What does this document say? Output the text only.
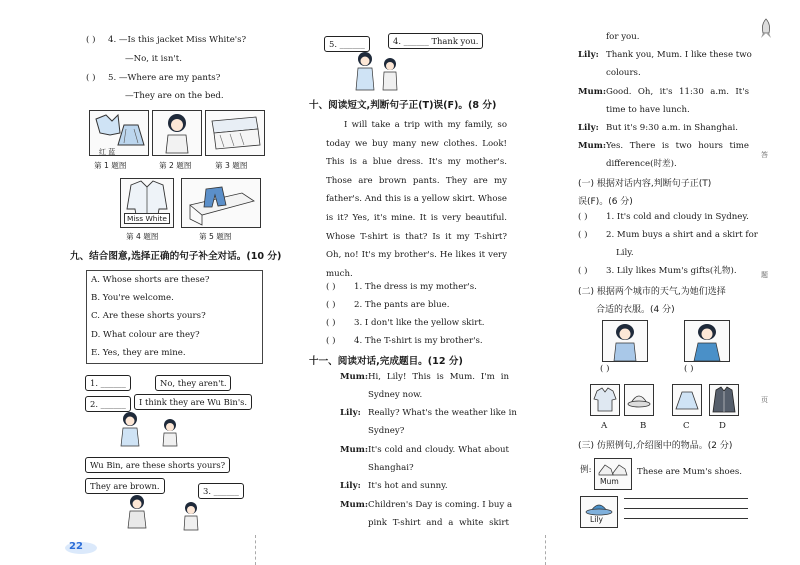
( ) 4. —Is this jacket Miss White's?
—No, it isn't.
( ) 5. —Where are my pants?
—They are on the bed.
红 蓝
第 1 题图	第 2 题图	第 3 题图
Miss White
第 4 题图	第 5 题图
九、结合图意,选择正确的句子补全对话。(10 分)
A. Whose shorts are these?
B. You're welcome.
C. Are these shorts yours?
D. What colour are they?
E. Yes, they are mine.
1. ______	No, they aren't.
2. ______	I think they are Wu Bin's.
Wu Bin, are these shorts yours?
They are brown.	3. ______
22
5. ______	4. ______ Thank you.
十、阅读短文,判断句子正(T)误(F)。(8 分)
I will take a trip with my family, so
today we buy many new clothes. Look!
This is a blue dress. It's my mother's.
Those are brown pants. They are my
father's. And this is a yellow skirt. Whose
is it? Yes, it's mine. It is very beautiful.
Whose T-shirt is that? Is it my T-shirt?
Oh, no! It's my brother's. He likes it very
much.
( ) 1. The dress is my mother's.
( ) 2. The pants are blue.
( ) 3. I don't like the yellow skirt.
( ) 4. The T-shirt is my brother's.
十一、阅读对话,完成题目。(12 分)
Mum: Hi, Lily! This is Mum. I'm in
Sydney now.
Lily: Really? What's the weather like in
Sydney?
Mum: It's cold and cloudy. What about
Shanghai?
Lily: It's hot and sunny.
Mum: Children's Day is coming. I buy a
pink T-shirt and a white skirt
for you.
Lily: Thank you, Mum. I like these two
colours.
Mum: Good. Oh, it's 11:30 a.m. It's
time to have lunch.
Lily: But it's 9:30 a.m. in Shanghai.
Mum: Yes. There is two hours time
difference(时差).
(一) 根据对话内容,判断句子正(T)
误(F)。(6 分)
( ) 1. It's cold and cloudy in Sydney.
( ) 2. Mum buys a shirt and a skirt for
Lily.
( ) 3. Lily likes Mum's gifts(礼物).
(二) 根据两个城市的天气,为她们选择
合适的衣服。(4 分)
( )	( )
A	B	C	D
(三) 仿照例句,介绍图中的物品。(2 分)
例:
Mum
These are Mum's shoes.
Lily
答
题
页
